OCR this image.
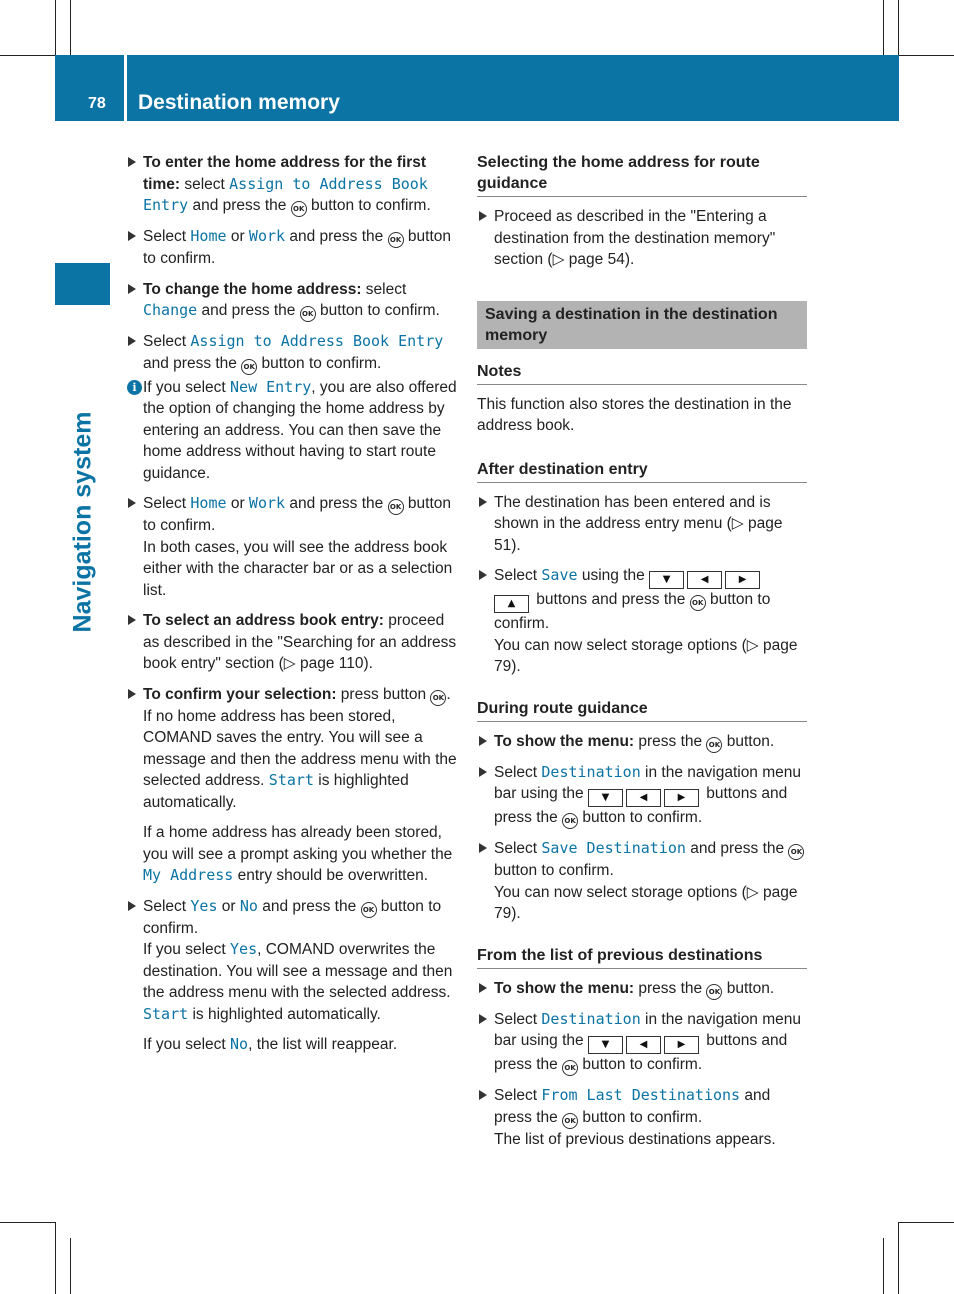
78 Destination memory
Navigation system
To enter the home address for the first time: select Assign to Address Book Entry and press the OK button to confirm.
Select Home or Work and press the OK button to confirm.
To change the home address: select Change and press the OK button to confirm.
Select Assign to Address Book Entry and press the OK button to confirm.
i If you select New Entry, you are also offered the option of changing the home address by entering an address. You can then save the home address without having to start route guidance.
Select Home or Work and press the OK button to confirm.
In both cases, you will see the address book either with the character bar or as a selection list.
To select an address book entry: proceed as described in the "Searching for an address book entry" section (▷ page 110).
To confirm your selection: press button OK .

If no home address has been stored, COMAND saves the entry. You will see a message and then the address menu with the selected address. Start is highlighted automatically.

If a home address has already been stored, you will see a prompt asking you whether the My Address entry should be overwritten.

Select Yes or No and press the OK button to confirm.

If you select Yes, COMAND overwrites the destination. You will see a message and then the address menu with the selected address. Start is highlighted automatically.

If you select No, the list will reappear.

Selecting the home address for route guidance
Proceed as described in the "Entering a destination from the destination memory" section (▷ page 54).
Saving a destination in the destination memory
Notes

This function also stores the destination in the address book.

After destination entry
The destination has been entered and is shown in the address entry menu (▷ page 51).
Select Save using the ▼	◀	▶
▲ buttons and press the OK button to confirm.
You can now select storage options (▷ page 79).
During route guidance
To show the menu: press the OK button.
Select Destination in the navigation menu bar using the ▼	◀	▶ buttons and press the OK button to confirm.
Select Save Destination and press the OK button to confirm.
You can now select storage options (▷ page 79).
From the list of previous destinations
To show the menu: press the OK button.
Select Destination in the navigation menu bar using the ▼	◀	▶ buttons and press the OK button to confirm.
Select From Last Destinations and press the OK button to confirm.
The list of previous destinations appears.
